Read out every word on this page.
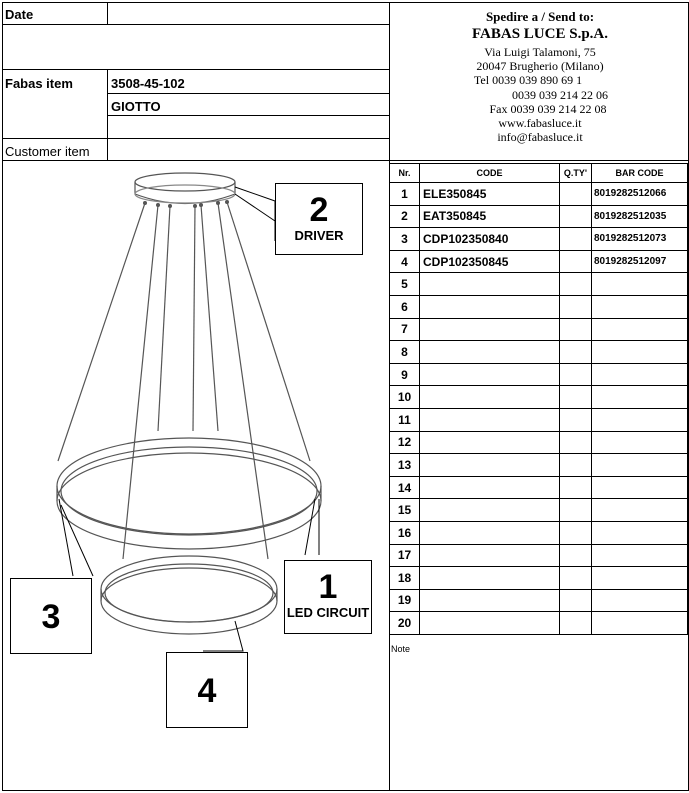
Date
Fabas item	3508-45-102
GIOTTO
Customer item
Spedire a / Send to:
FABAS LUCE S.p.A.
Via Luigi Talamoni, 75
20047 Brugherio (Milano)
Tel 0039 039 890 69 1
0039 039 214 22 06
Fax 0039 039 214 22 08
www.fabasluce.it
info@fabasluce.it
Nr.	CODE	Q.TY'	BAR CODE
1	ELE350845		8019282512066
2	EAT350845		8019282512035
3	CDP102350840		8019282512073
4	CDP102350845		8019282512097
5			
6			
7			
8			
9			
10			
11			
12			
13			
14			
15			
16			
17			
18			
19			
20			
Note
2
DRIVER
1
LED CIRCUIT
3
4
